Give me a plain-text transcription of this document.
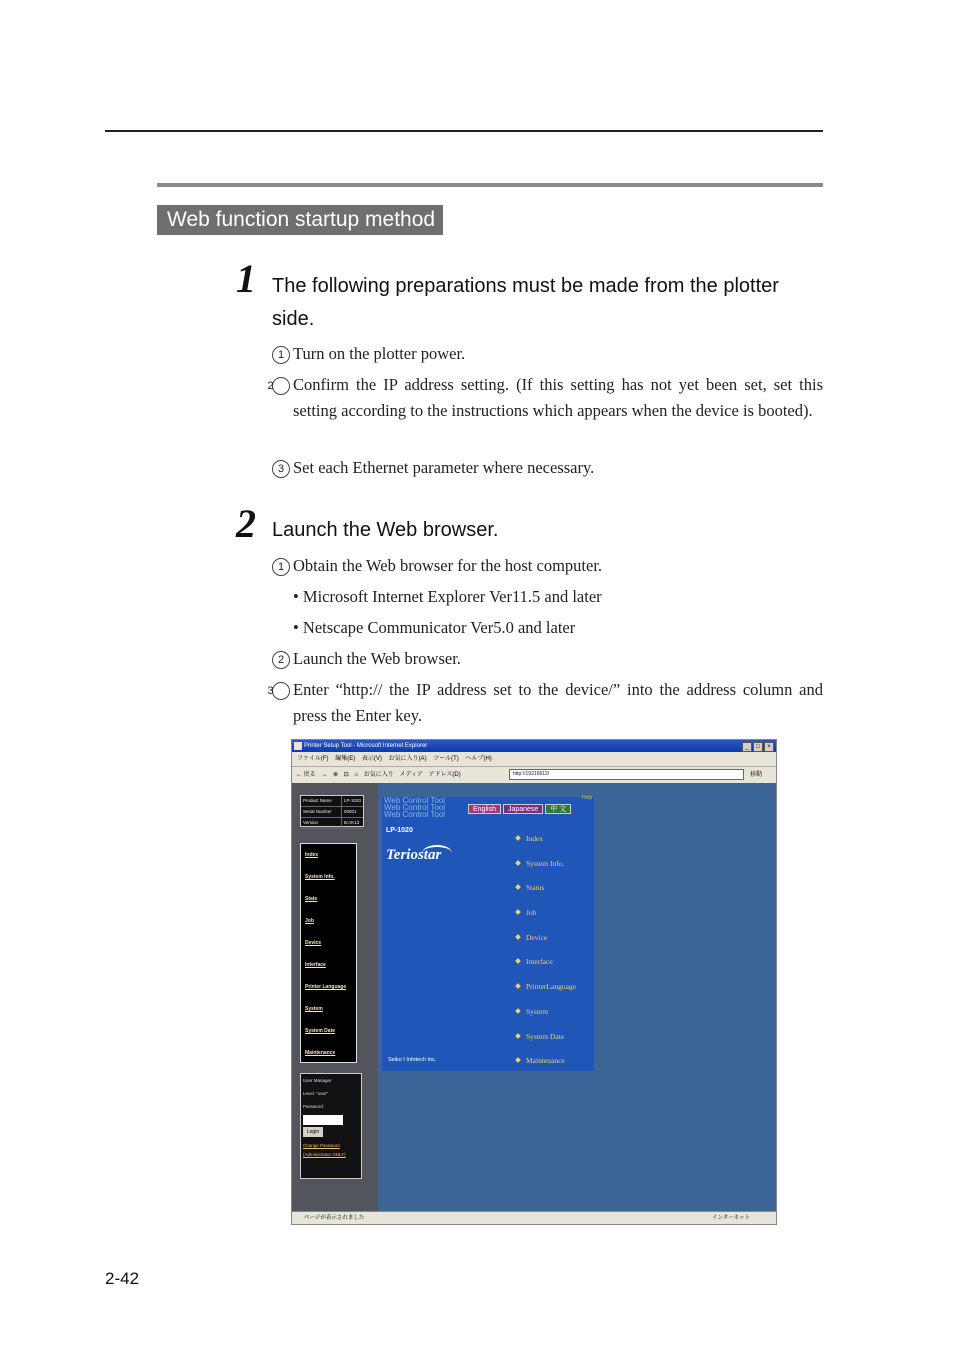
Web function startup method
1 The following preparations must be made from the plotter
side.
1 Turn on the plotter power.
2 Confirm the IP address setting. (If this setting has not yet been set, set this setting according to the instructions which appears when the device is booted).
3 Set each Ethernet parameter where necessary.
2 Launch the Web browser.
1 Obtain the Web browser for the host computer.
• Microsoft Internet Explorer Ver11.5 and later
• Netscape Communicator Ver5.0 and later
2 Launch the Web browser.
3 Enter “http:// the IP address set to the device/” into the address column and press the Enter key.
Printer Setup Tool - Microsoft Internet Explorer	_	□	×
ファイル(F) 編集(E) 表示(V) お気に入り(A) ツール(T) ヘルプ(H)
← 戻る → ⊗ ⊡ ⌂ お気に入り メディア アドレス(D)	移動
http://19216812/
Product Name	LP-1020
Serial Number	00001
Version	B:AK13
Index
System Info.
State
Job
Device
Interface
Printer Language
System
System Date
Maintenance
User Manager
Level: "user"
Password:
Login
Change Password
(Administrator ONLY)
Web Control Tool
Web Control Tool
Web Control Tool
LP-1020
Teriostar
Seiko I Infotech Inc.
Index
System Info.
Status
Job
Device
Interface
PrinterLanguage
System
System Date
Maintenance
English	Japanese	中 文
Help
ページが表示されました	インターネット
2-42
